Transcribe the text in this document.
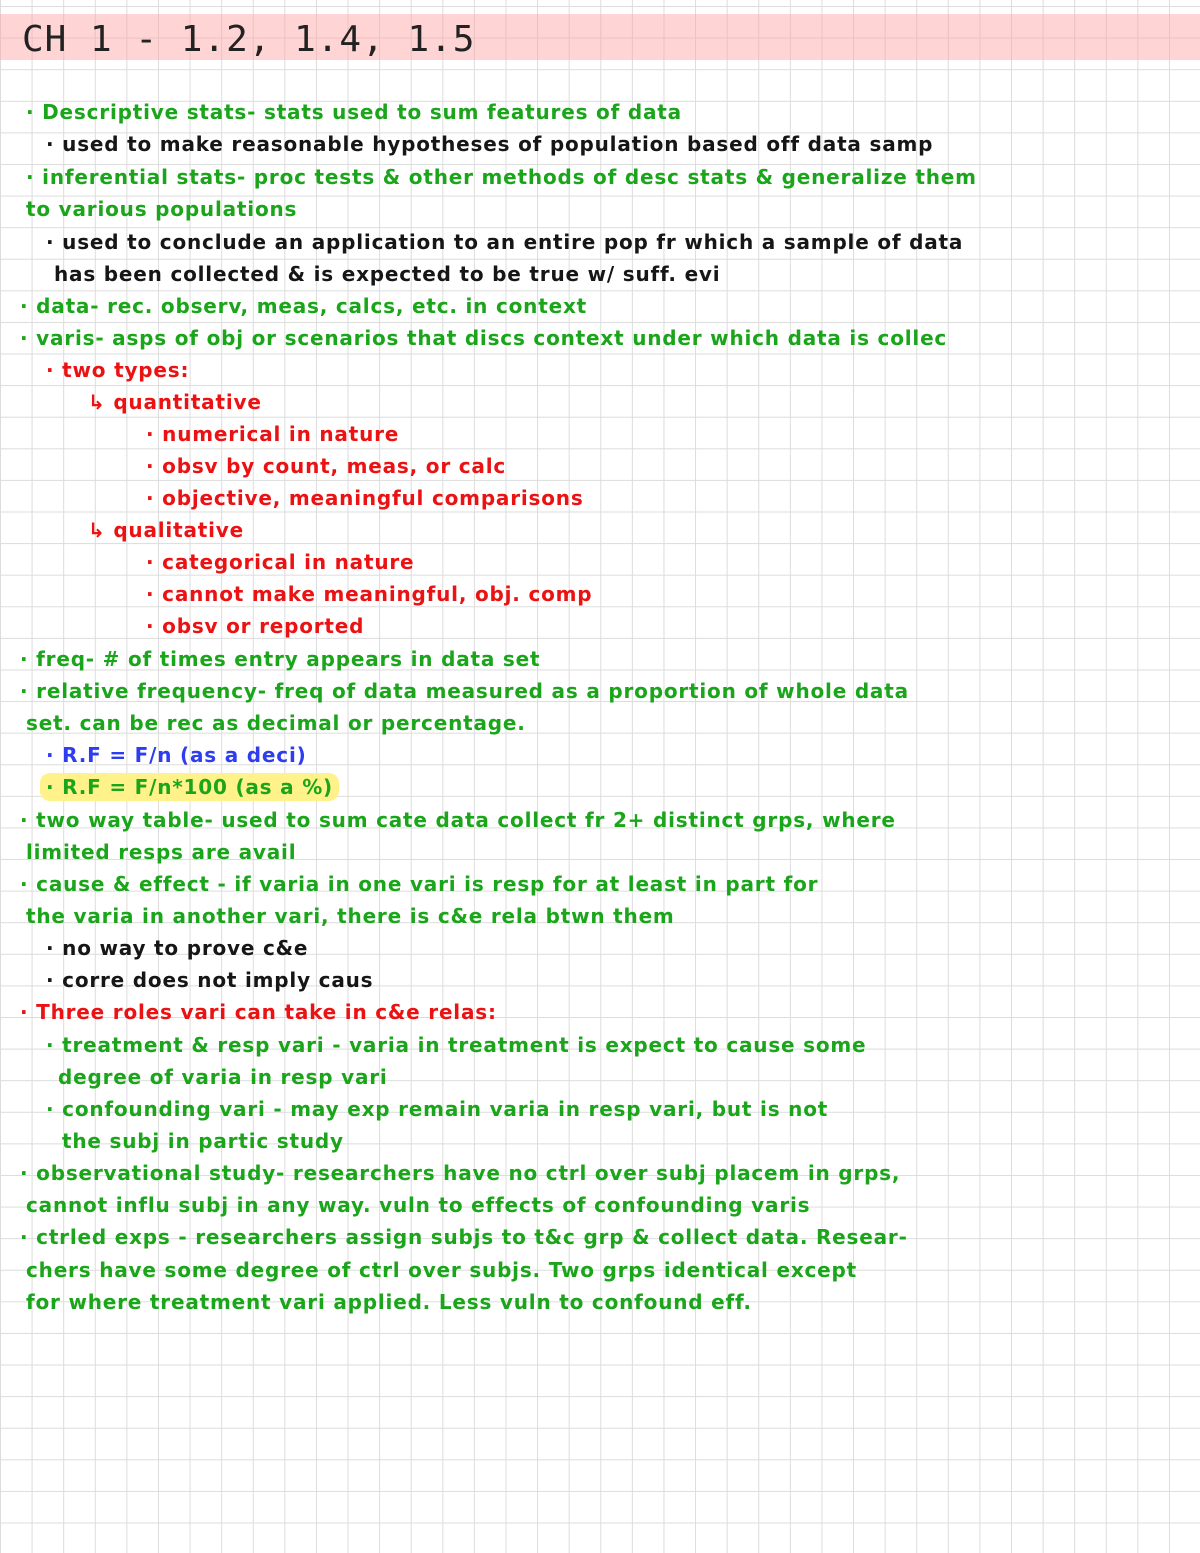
CH 1 - 1.2, 1.4, 1.5
· Descriptive stats- stats used to sum features of data
· used to make reasonable hypotheses of population based off data samp
· inferential stats- proc tests & other methods of desc stats & generalize them
to various populations
· used to conclude an application to an entire pop fr which a sample of data
has been collected & is expected to be true w/ suff. evi
· data- rec. observ, meas, calcs, etc. in context
· varis- asps of obj or scenarios that discs context under which data is collec
· two types:
↳ quantitative
· numerical in nature
· obsv by count, meas, or calc
· objective, meaningful comparisons
↳ qualitative
· categorical in nature
· cannot make meaningful, obj. comp
· obsv or reported
· freq- # of times entry appears in data set
· relative frequency- freq of data measured as a proportion of whole data
set. can be rec as decimal or percentage.
· R.F = F/n (as a deci)
· R.F = F/n*100 (as a %)
· two way table- used to sum cate data collect fr 2+ distinct grps, where
limited resps are avail
· cause & effect - if varia in one vari is resp for at least in part for
the varia in another vari, there is c&e rela btwn them
· no way to prove c&e
· corre does not imply caus
· Three roles vari can take in c&e relas:
· treatment & resp vari - varia in treatment is expect to cause some
degree of varia in resp vari
· confounding vari - may exp remain varia in resp vari, but is not
the subj in partic study
· observational study- researchers have no ctrl over subj placem in grps,
cannot influ subj in any way. vuln to effects of confounding varis
· ctrled exps - researchers assign subjs to t&c grp & collect data. Resear-
chers have some degree of ctrl over subjs. Two grps identical except
for where treatment vari applied. Less vuln to confound eff.
